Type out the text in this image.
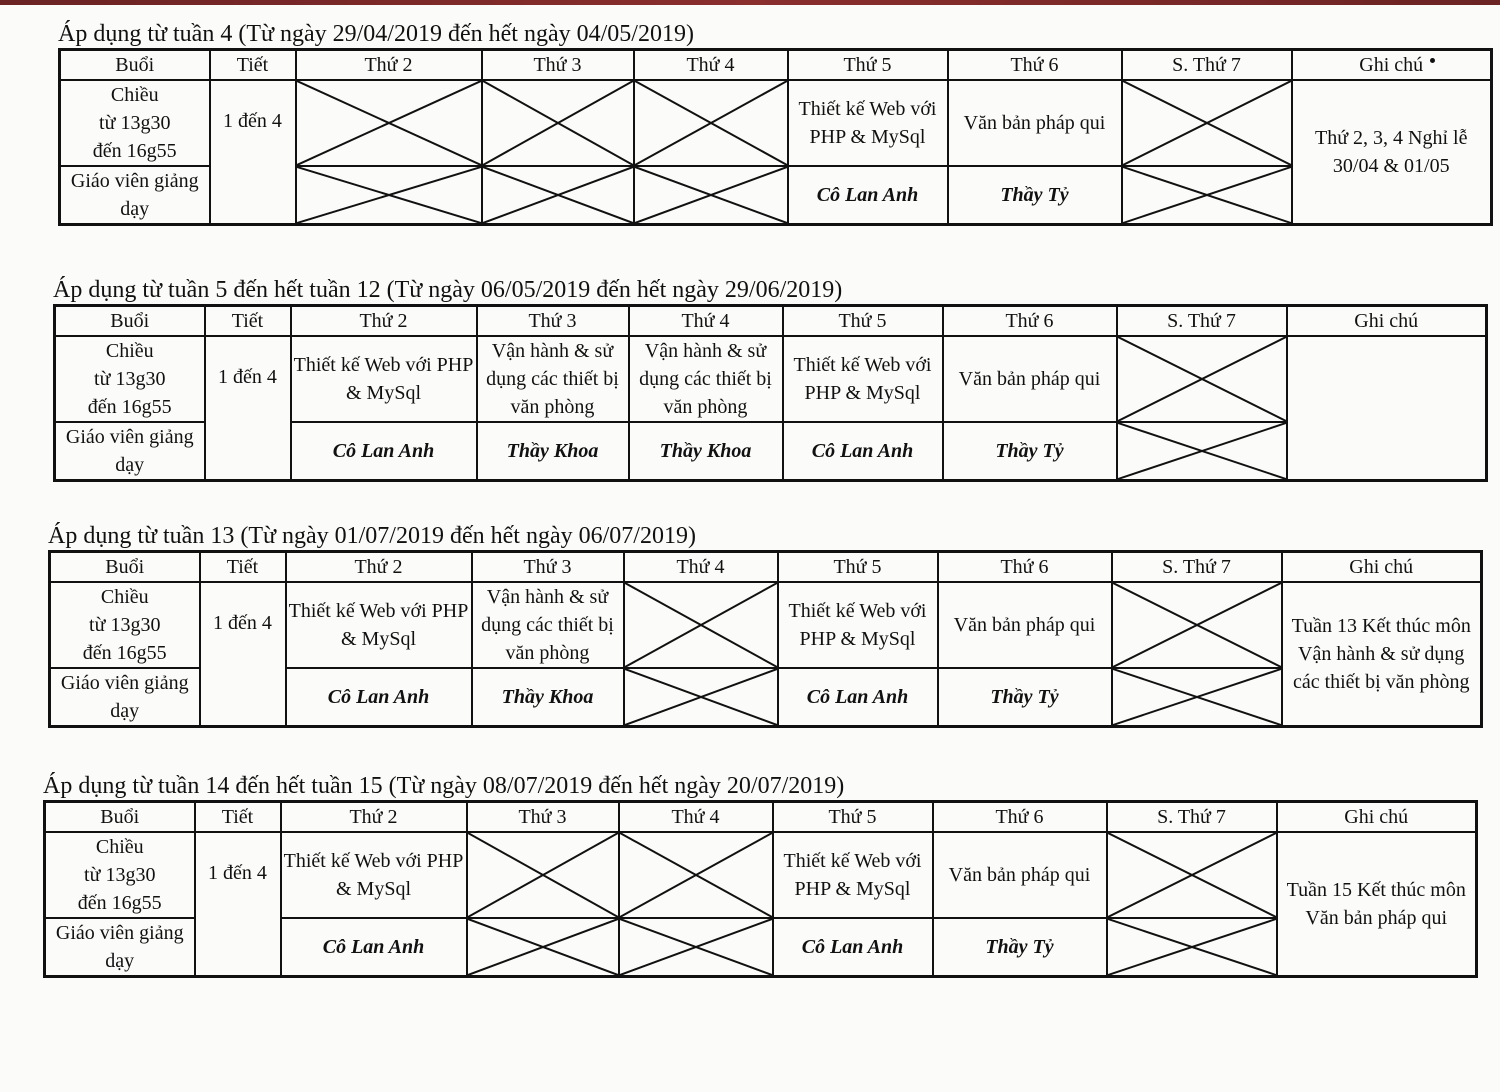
Áp dụng từ tuần 4 (Từ ngày 29/04/2019 đến hết ngày 04/05/2019)
Buổi	Tiết	Thứ 2	Thứ 3	Thứ 4	Thứ 5	Thứ 6	S. Thứ 7	Ghi chú

Chiều
từ 13g30
đến 16g55	1 đến 4				Thiết kế Web với PHP & MySql	Văn bản pháp qui		Thứ 2, 3, 4 Nghỉ lễ 30/04 & 01/05
Giáo viên giảng dạy					Cô Lan Anh	Thầy Tỷ	
Áp dụng từ tuần 5 đến hết tuần 12 (Từ ngày 06/05/2019 đến hết ngày 29/06/2019)
Buổi	Tiết	Thứ 2	Thứ 3	Thứ 4	Thứ 5	Thứ 6	S. Thứ 7	Ghi chú

Chiều
từ 13g30
đến 16g55	1 đến 4	Thiết kế Web với PHP & MySql	Vận hành & sử dụng các thiết bị văn phòng	Vận hành & sử dụng các thiết bị văn phòng	Thiết kế Web với PHP & MySql	Văn bản pháp qui	

Giáo viên giảng dạy		Cô Lan Anh	Thầy Khoa	Thầy Khoa	Cô Lan Anh	Thầy Tỷ	
Áp dụng từ tuần 13 (Từ ngày 01/07/2019 đến hết ngày 06/07/2019)
Buổi	Tiết	Thứ 2	Thứ 3	Thứ 4	Thứ 5	Thứ 6	S. Thứ 7	Ghi chú

Chiều
từ 13g30
đến 16g55	1 đến 4	Thiết kế Web với PHP & MySql	Vận hành & sử dụng các thiết bị văn phòng		Thiết kế Web với PHP & MySql	Văn bản pháp qui		Tuần 13 Kết thúc môn Vận hành & sử dụng các thiết bị văn phòng
Giáo viên giảng dạy		Cô Lan Anh	Thầy Khoa		Cô Lan Anh	Thầy Tỷ	
Áp dụng từ tuần 14 đến hết tuần 15 (Từ ngày 08/07/2019 đến hết ngày 20/07/2019)
Buổi	Tiết	Thứ 2	Thứ 3	Thứ 4	Thứ 5	Thứ 6	S. Thứ 7	Ghi chú

Chiều
từ 13g30
đến 16g55	1 đến 4	Thiết kế Web với PHP & MySql			Thiết kế Web với PHP & MySql	Văn bản pháp qui		Tuần 15 Kết thúc môn Văn bản pháp qui
Giáo viên giảng dạy		Cô Lan Anh			Cô Lan Anh	Thầy Tỷ	
